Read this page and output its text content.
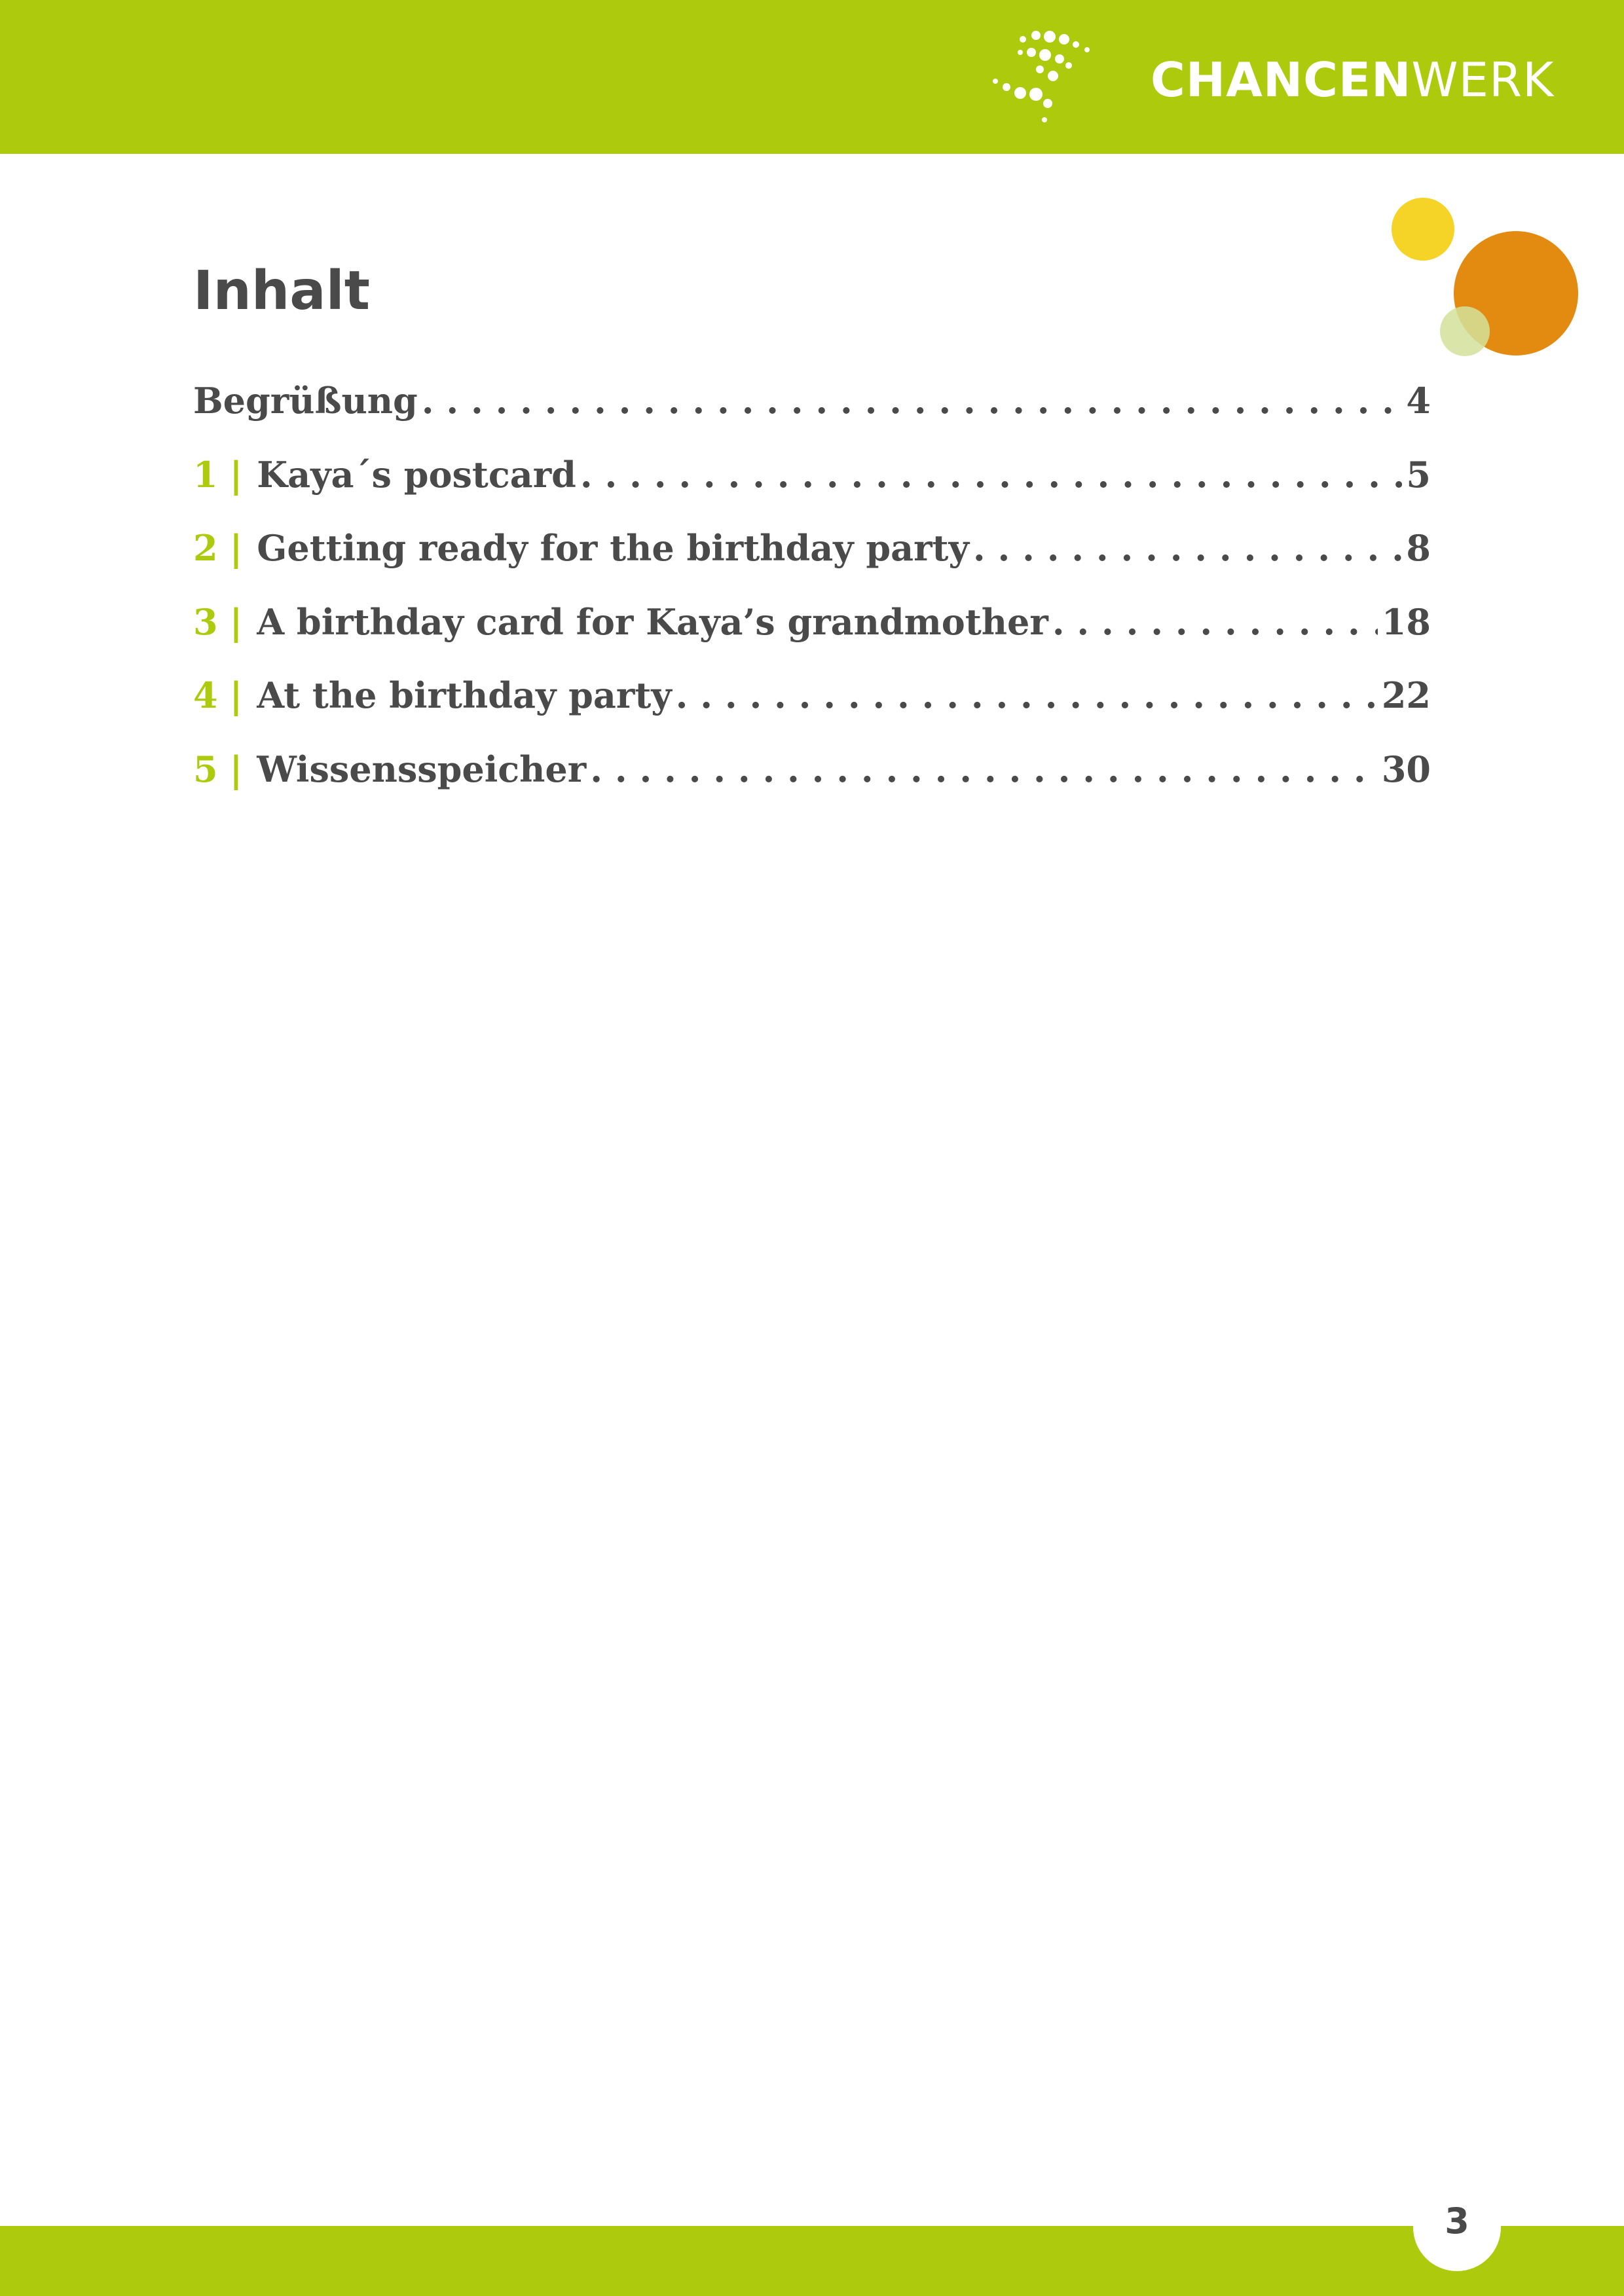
CHANCENWERK
Inhalt
Begrüßung . . .	4
1 | Kaya´s postcard . . .	5
2 | Getting ready for the birthday party . . .	8
3 | A birthday card for Kaya’s grandmother . . .	18
4 | At the birthday party . . .	22
5 | Wissensspeicher . . .	30
3
